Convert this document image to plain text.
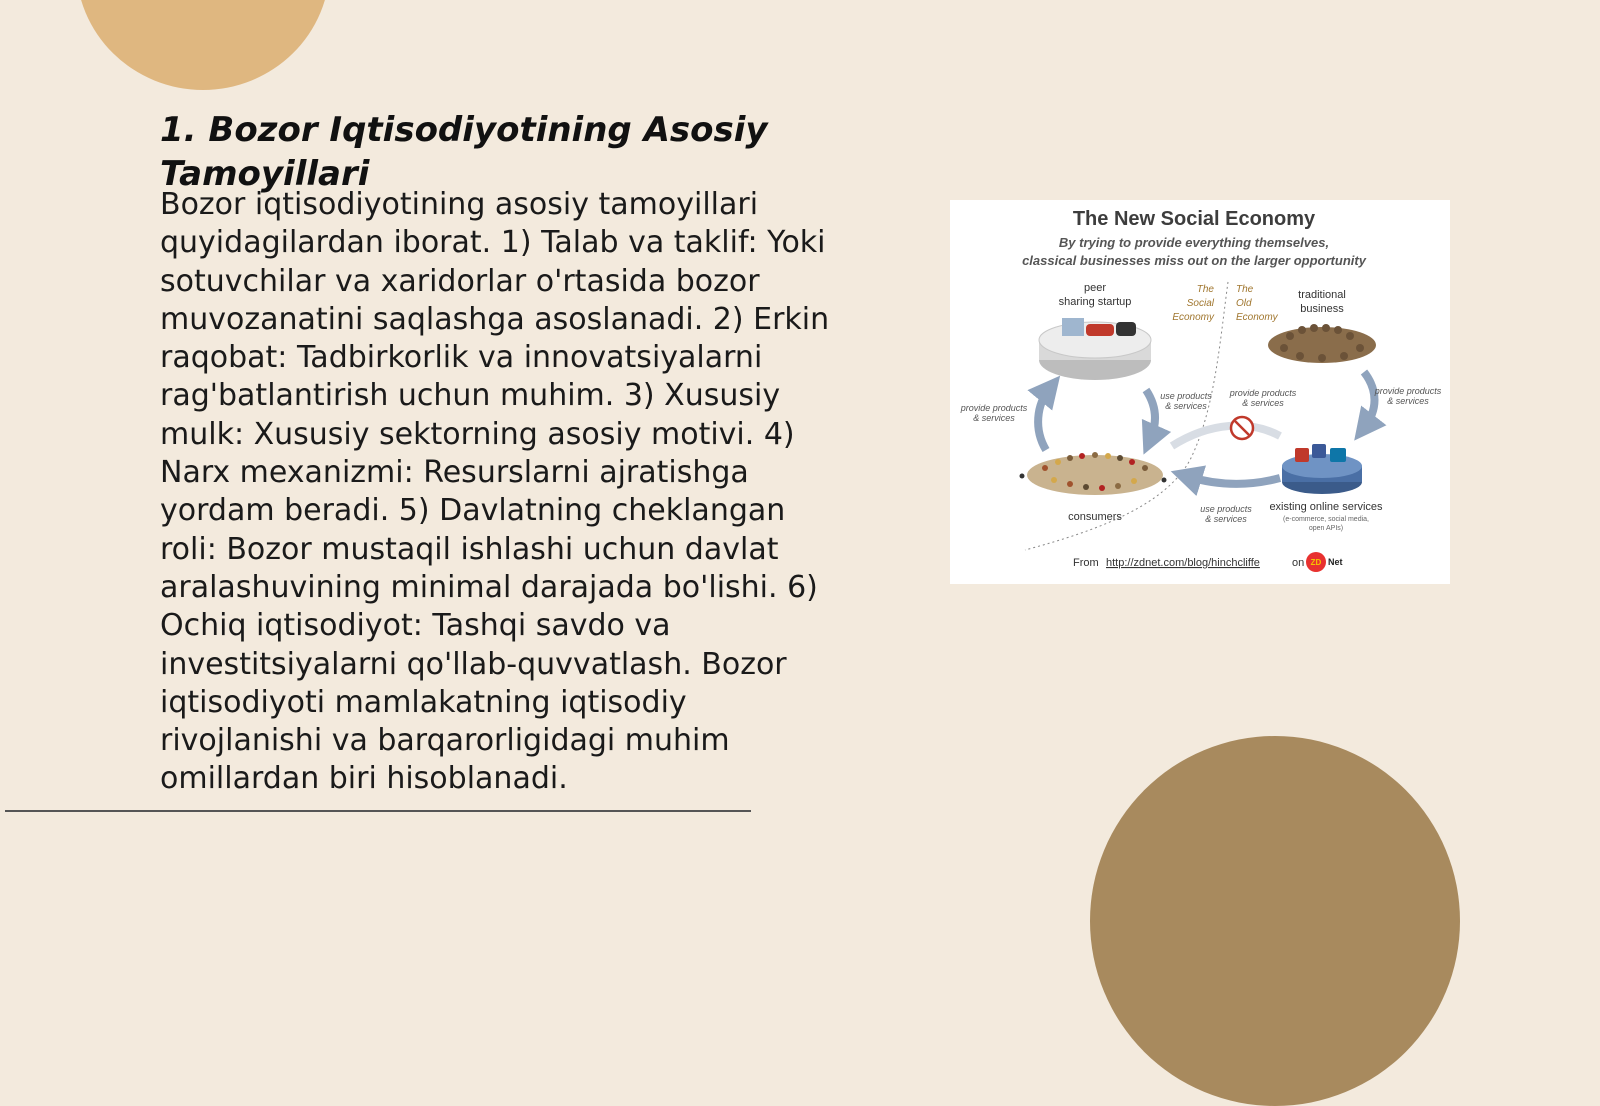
1. Bozor Iqtisodiyotining Asosiy Tamoyillari

Bozor iqtisodiyotining asosiy tamoyillari quyidagilardan iborat. 1) Talab va taklif: Yoki sotuvchilar va xaridorlar o'rtasida bozor muvozanatini saqlashga asoslanadi. 2) Erkin raqobat: Tadbirkorlik va innovatsiyalarni rag'batlantirish uchun muhim. 3) Xususiy mulk: Xususiy sektorning asosiy motivi. 4) Narx mexanizmi: Resurslarni ajratishga yordam beradi. 5) Davlatning cheklangan roli: Bozor mustaqil ishlashi uchun davlat aralashuvining minimal darajada bo'lishi. 6) Ochiq iqtisodiyot: Tashqi savdo va investitsiyalarni qo'llab-quvvatlash. Bozor iqtisodiyoti mamlakatning iqtisodiy rivojlanishi va barqarorligidagi muhim omillardan biri hisoblanadi.

The New Social Economy
By trying to provide everything themselves,
classical businesses miss out on the larger opportunity
peer
sharing startup
The
Social
Economy
The
Old
Economy
traditional
business
provide products
& services
use products
& services
provide products
& services
provide products
& services
consumers
existing online services
(e-commerce, social media,
open APIs)
use products
& services
From http://zdnet.com/blog/hinchcliffe	on ZD Net
